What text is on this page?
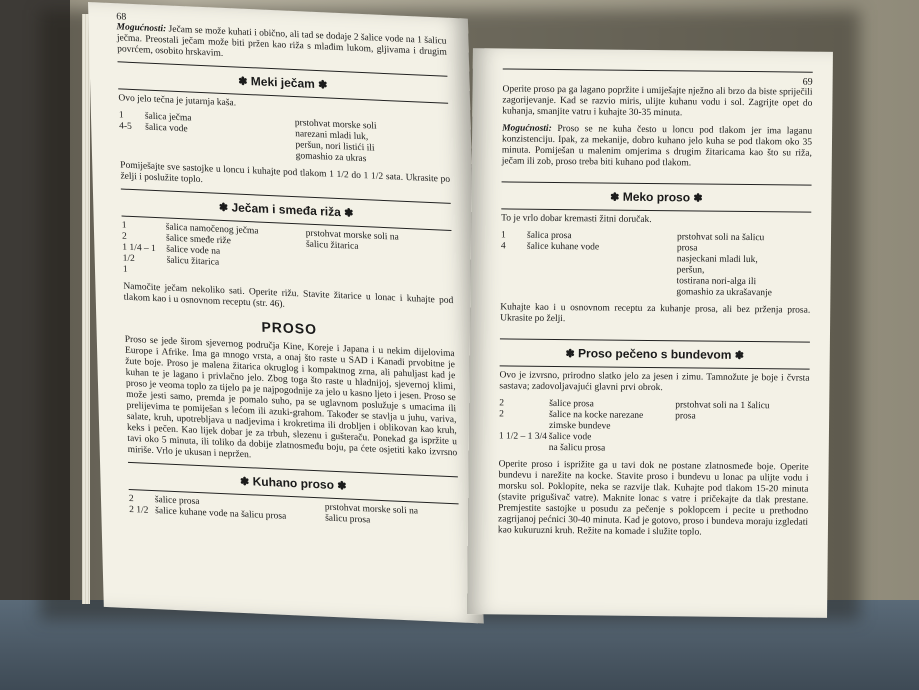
68

Mogućnosti: Ječam se može kuhati i obično, ali tad se dodaje 2 šalice vode na 1 šalicu ječma. Preostali ječam može biti pržen kao riža s mlađim lukom, gljivama i drugim povrćem, osobito hrskavim.

✽ Meki ječam ✽

Ovo jelo tečna je jutarnja kaša.

1
4-5
šalica ječma
šalica vode	prstohvat morske soli
narezani mladi luk,
peršun, nori listići ili
gomashio za ukras

Pomiješajte sve sastojke u loncu i kuhajte pod tlakom 1 1/2 do 1 1/2 sata. Ukrasite po želji i poslužite toplo.

✽ Ječam i smeđa riža ✽
1
2
1 1/4 – 1 1/2
1
šalica namočenog ječma
šalice smeđe riže
šalice vode na
šalicu žitarica
prstohvat morske soli na
šalicu žitarica

Namočite ječam nekoliko sati. Operite rižu. Stavite žitarice u lonac i kuhajte pod tlakom kao i u osnovnom receptu (str. 46).

PROSO

Proso se jede širom sjevernog područja Kine, Koreje i Japana i u nekim dijelovima Europe i Afrike. Ima ga mnogo vrsta, a onaj što raste u SAD i Kanadi prvobitne je žute boje. Proso je malena žitarica okruglog i kompaktnog zrna, ali pahuljast kad je kuhan te je lagano i privlačno jelo. Zbog toga što raste u hladnijoj, sjevernoj klimi, proso je veoma toplo za tijelo pa je najpogodnije za jelo u kasno ljeto i jesen. Proso se može jesti samo, premda je pomalo suho, pa se uglavnom poslužuje s umacima ili prelijevima te pomiješan s lećom ili azuki-grahom. Također se stavlja u juhu, variva, salate, kruh, upotrebljava u nadjevima i krokretima ili drobljen i oblikovan kao kruh, keks i pečen. Kao lijek dobar je za trbuh, slezenu i gušteraču. Ponekad ga ispržite u tavi oko 5 minuta, ili toliko da dobije zlatnosmeđu boju, pa ćete osjetiti kako izvrsno miriše. Vrlo je ukusan i nepržen.

✽ Kuhano proso ✽
2
2 1/2
šalice prosa
šalice kuhane vode na šalicu prosa	prstohvat morske soli na
šalicu prosa
69

Operite proso pa ga lagano popržite i umiješajte nježno ali brzo da biste spriječili zagorijevanje. Kad se razvio miris, ulijte kuhanu vodu i sol. Zagrijte opet do kuhanja, smanjite vatru i kuhajte 30-35 minuta.

Mogućnosti: Proso se ne kuha često u loncu pod tlakom jer ima laganu konzistenciju. Ipak, za mekanije, dobro kuhano jelo kuha se pod tlakom oko 35 minuta. Pomiješan u malenim omjerima s drugim žitaricama kao što su riža, ječam ili zob, proso treba biti kuhano pod tlakom.

✽ Meko proso ✽

To je vrlo dobar kremasti žitni doručak.

1
4
šalica prosa
šalice kuhane vode
prstohvat soli na šalicu
prosa
nasjeckani mladi luk,
peršun,
tostirana nori-alga ili
gomashio za ukrašavanje

Kuhajte kao i u osnovnom receptu za kuhanje prosa, ali bez prženja prosa. Ukrasite po želji.

✽ Proso pečeno s bundevom ✽

Ovo je izvrsno, prirodno slatko jelo za jesen i zimu. Tamnožute je boje i čvrsta sastava; zadovoljavajući glavni prvi obrok.

2
2

1 1/2 – 1 3/4
šalice prosa
šalice na kocke narezane
zimske bundeve
šalice vode
na šalicu prosa
prstohvat soli na 1 šalicu
prosa

Operite proso i isprižite ga u tavi dok ne postane zlatnosmeđe boje. Operite bundevu i narežite na kocke. Stavite proso i bundevu u lonac pa ulijte vodu i morsku sol. Poklopite, neka se razvije tlak. Kuhajte pod tlakom 15-20 minuta (stavite prigušivač vatre). Maknite lonac s vatre i pričekajte da tlak prestane. Premjestite sastojke u posudu za pečenje s poklopcem i pecite u prethodno zagrijanoj pećnici 30-40 minuta. Kad je gotovo, proso i bundeva moraju izgledati kao kukuruzni kruh. Režite na komade i služite toplo.
